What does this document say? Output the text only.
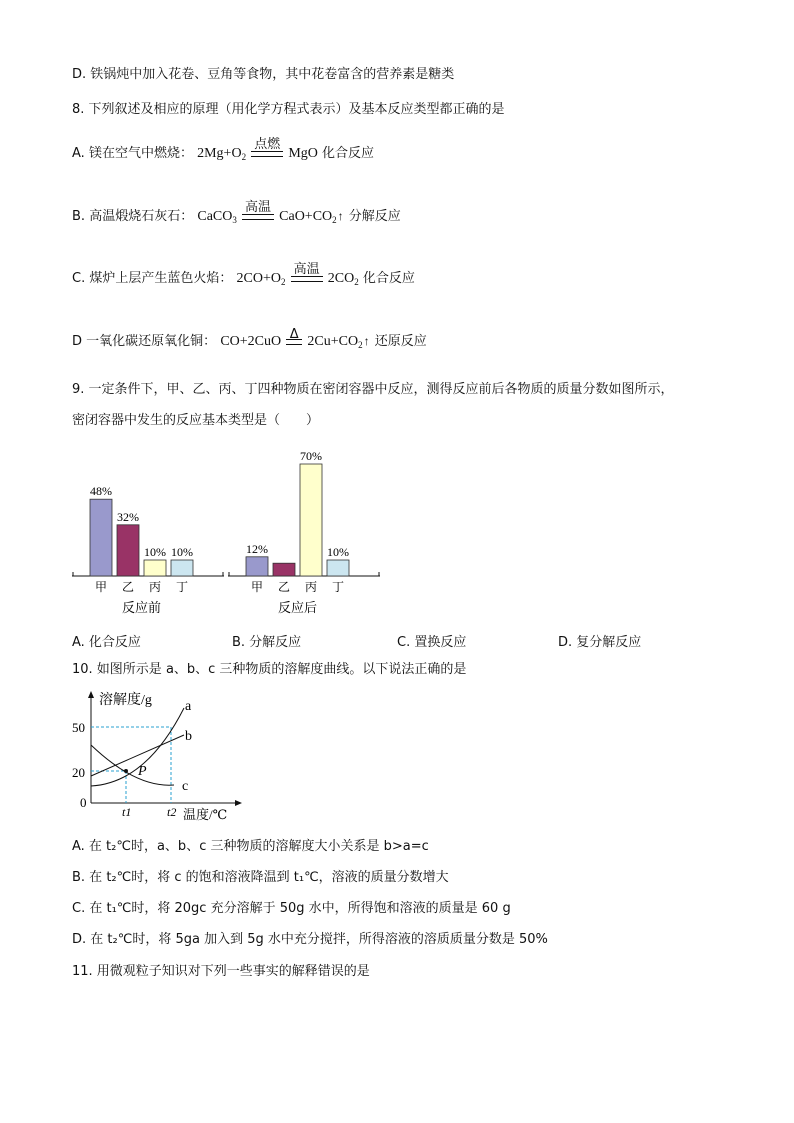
D. 铁锅炖中加入花卷、豆角等食物，其中花卷富含的营养素是糖类
8. 下列叙述及相应的原理（用化学方程式表示）及基本反应类型都正确的是
A. 镁在空气中燃烧： $2Mg+O_2$
点燃
MgO 化合反应
B. 高温煅烧石灰石： CaCO$_3$
高温
$CaO+CO_2↑$ 分解反应
C. 煤炉上层产生蓝色火焰： $2CO+O_2$
高温
$2CO_2$ 化合反应
D 一氧化碳还原氧化铜： CO+2CuO Δ $2Cu+CO_2↑$ 还原反应
9. 一定条件下，甲、乙、丙、丁四种物质在密闭容器中反应，测得反应前后各物质的质量分数如图所示，
密闭容器中发生的反应基本类型是（　　）
48%
甲
32%
乙
10%
丙
10%
丁
反应前
12%
甲 乙
70%
丙
10%
丁
反应后
A. 化合反应	B. 分解反应	C. 置换反应	D. 复分解反应
10. 如图所示是 a、b、c 三种物质的溶解度曲线。以下说法正确的是
溶解度/g
温度/℃
50
20
0
P
a
b
c
t1	t2
A. 在 t₂℃时，a、b、c 三种物质的溶解度大小关系是 b>a=c
B. 在 t₂℃时，将 c 的饱和溶液降温到 t₁℃，溶液的质量分数增大
C. 在 t₁℃时，将 20gc 充分溶解于 50g 水中，所得饱和溶液的质量是 60 g
D. 在 t₂℃时，将 5ga 加入到 5g 水中充分搅拌，所得溶液的溶质质量分数是 50%
11. 用微观粒子知识对下列一些事实的解释错误的是
